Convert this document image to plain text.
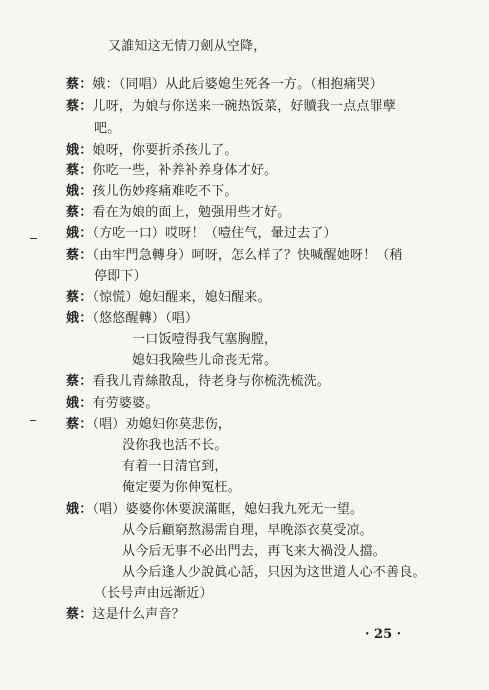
又誰知这无情刀劍从空降，
蔡：娥：（同唱）从此后婆媳生死各一方。（相抱痛哭）
蔡：儿呀，为娘与你送来一碗热饭菜，好贖我一点点罪孽
吧。
娥：娘呀，你要折杀孩儿了。
蔡：你吃一些，补养补养身体才好。
娥：孩儿伤妙疼痛难吃不下。
蔡：看在为娘的面上，勉强用些才好。
娥：（方吃一口）哎呀！（噎住气，暈过去了）
蔡：（由牢門急轉身）呵呀，怎么样了？快喊醒她呀！（稍
停即下）
蔡：（惊慌）媳妇醒来，媳妇醒来。
娥：（悠悠醒轉）（唱）
一口饭噎得我气塞胸膛，
媳妇我險些儿命丧无常。
蔡：看我儿青絲散乱，待老身与你梳洗梳洗。
娥：有劳婆婆。
蔡：（唱）劝媳妇你莫悲伤，
没你我也活不长。
有着一日清官到，
俺定要为你伸冤枉。
娥：（唱）婆婆你休要淚滿眶，媳妇我九死无一望。
从今后顧窮熬湯需自理，早晚添衣莫受凉。
从今后无事不必出門去，再飞来大禍没人擋。
从今后逢人少說眞心話，只因为这世道人心不善良。
（长号声由远渐近）
蔡：这是什么声音？
· 25 ·
